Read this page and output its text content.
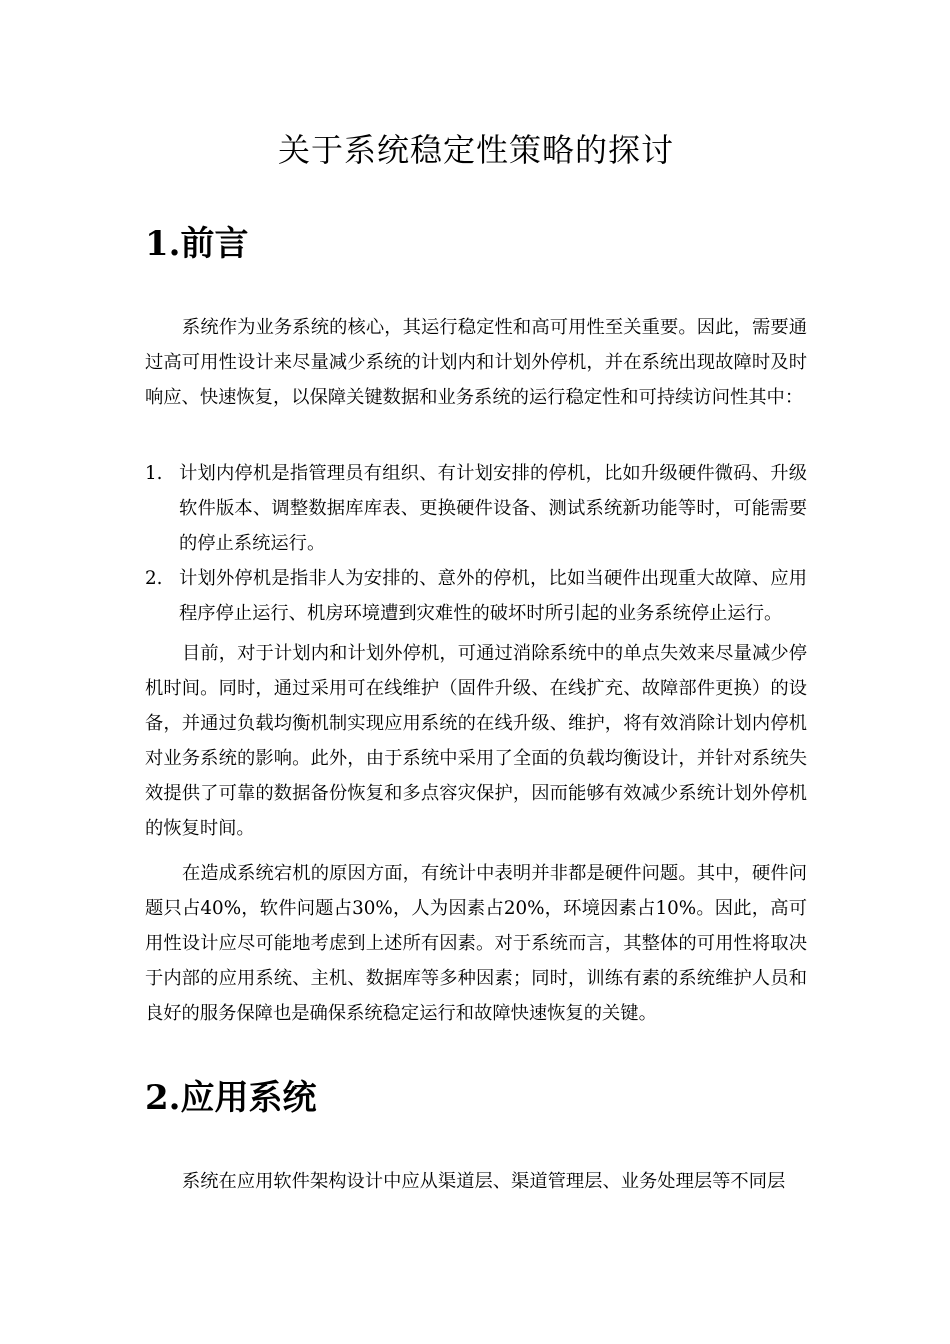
关于系统稳定性策略的探讨
1.前言

系统作为业务系统的核心，其运行稳定性和高可用性至关重要。因此，需要通过高可用性设计来尽量减少系统的计划内和计划外停机，并在系统出现故障时及时响应、快速恢复，以保障关键数据和业务系统的运行稳定性和可持续访问性其中：

1. 计划内停机是指管理员有组织、有计划安排的停机，比如升级硬件微码、升级软件版本、调整数据库库表、更换硬件设备、测试系统新功能等时，可能需要的停止系统运行。
2. 计划外停机是指非人为安排的、意外的停机，比如当硬件出现重大故障、应用程序停止运行、机房环境遭到灾难性的破坏时所引起的业务系统停止运行。

目前，对于计划内和计划外停机，可通过消除系统中的单点失效来尽量减少停机时间。同时，通过采用可在线维护（固件升级、在线扩充、故障部件更换）的设备，并通过负载均衡机制实现应用系统的在线升级、维护，将有效消除计划内停机对业务系统的影响。此外，由于系统中采用了全面的负载均衡设计，并针对系统失效提供了可靠的数据备份恢复和多点容灾保护，因而能够有效减少系统计划外停机的恢复时间。

在造成系统宕机的原因方面，有统计中表明并非都是硬件问题。其中，硬件问题只占40%，软件问题占30%，人为因素占20%，环境因素占10%。因此，高可用性设计应尽可能地考虑到上述所有因素。对于系统而言，其整体的可用性将取决于内部的应用系统、主机、数据库等多种因素；同时，训练有素的系统维护人员和良好的服务保障也是确保系统稳定运行和故障快速恢复的关键。

2.应用系统

系统在应用软件架构设计中应从渠道层、渠道管理层、业务处理层等不同层
